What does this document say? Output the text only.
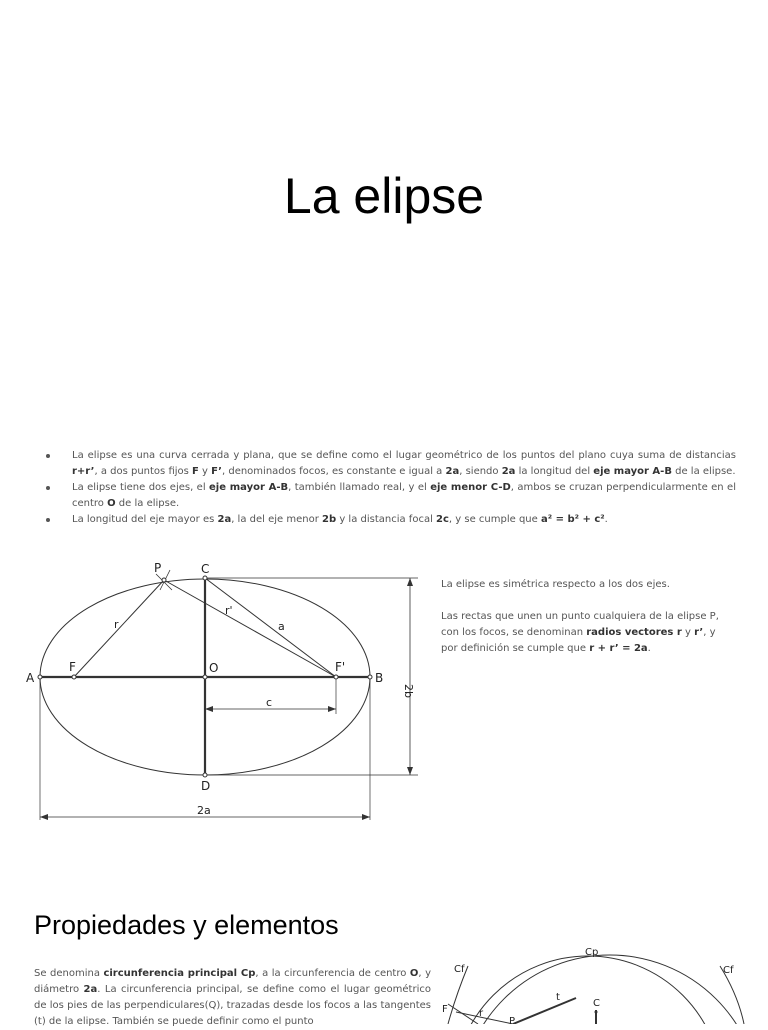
La elipse
La elipse es una curva cerrada y plana, que se define como el lugar geométrico de los puntos del plano cuya suma de distancias r+r’, a dos puntos fijos F y F’, denominados focos, es constante e igual a 2a, siendo 2a la longitud del eje mayor A-B de la elipse.
La elipse tiene dos ejes, el eje mayor A-B, también llamado real, y el eje menor C-D, ambos se cruzan perpendicularmente en el centro O de la elipse.
La longitud del eje mayor es 2a, la del eje menor 2b y la distancia focal 2c, y se cumple que a² = b² + c².
P	C
D
A	B
O
F	F'
r
r'
a
c
2a
2b

La elipse es simétrica respecto a los dos ejes.

Las rectas que unen un punto cualquiera de la elipse P, con los focos, se denominan radios vectores r y r’, y por definición se cumple que r + r’ = 2a.

Propiedades y elementos
Se denomina circunferencia principal Cp, a la circunferencia de centro O, y diámetro 2a. La circunferencia principal, se define como el lugar geométrico de los pies de las perpendiculares(Q), trazadas desde los focos a las tangentes (t) de la elipse. También se puede definir como el punto
Cf
Cp
Cf
C
F	r
t
P
